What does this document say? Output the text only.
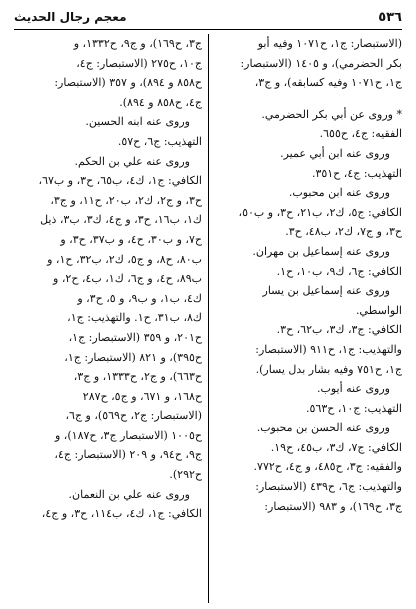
٥٣٦
معجم رجال الحديث
(الاستبصار: ج١، ح١٠٧١ وفيه أبو
بكر الحضرمي)، و ١٤٠٥ (الاستبصار:
ج١، ح١٠٧١ وفيه كسابقه)، و ج٣،
* وروى عن أبي بكر الحضرمي.
الفقيه: ج٤، ح٦٥٥.
وروى عنه ابن أبي عمير.
التهذيب: ج٤، ح٣٥١.
وروى عنه ابن محبوب.
الكافي: ج٥، ك٢، ب٢١، ح٣، و ب٥٠،
ح٣، و ج٧، ك٢، ب٤٨، ح٣.
وروى عنه إسماعيل بن مهران.
الكافي: ج٦، ك٩، ب١٠، ح١.
وروى عنه إسماعيل بن يسار
الواسطي.
الكافي: ج٣، ك٣، ب٦٢، ح٣.
والتهذيب: ج١، ح٩١١ (الاستبصار:
ج١، ح٧٥١ وفيه بشار بدل يسار).
وروى عنه أيوب.
التهذيب: ج١٠، ح٥٦٣.
وروى عنه الحسن بن محبوب.
الكافي: ج٧، ك٣، ب٤٥، ح١٩.
والفقيه: ج٣، ح٤٨٥، و ج٤، ح٧٧٢.
والتهذيب: ج٦، ح٤٣٩ (الاستبصار:
ج٣، ح١٦٩)، و ٩٨٣ (الاستبصار:
ج٣، ح١٦٩)، و ج٩، ح١٣٣٢، و
ج١٠، ح٢٧٥ (الاستبصار: ج٤،
ح٨٥٨ و ٨٩٤)، و ٣٥٧ (الاستبصار:
ج٤، ح٨٥٨ و ٨٩٤).
وروى عنه ابنه الحسين.
التهذيب: ج٦، ح٥٧.
وروى عنه علي بن الحكم.
الكافي: ج١، ك٤، ب٦٥، ح٣، و ب٦٧،
ح٣، و ج٢، ك٢، ب٢٠، ح١١، و ج٣،
ك١، ب١٦، ح٣، و ج٤، ك٣، ب٣، ذيل
ح٧، و ب٣٠، ح٤، و ب٣٧، ح٣، و
ب٨٠، ح٨، و ج٥، ك٢، ب٣٢، ح١، و
ب٨٩، ح٤، و ج٦، ك١، ب٤، ح٢، و
ك٤، ب١، و ب٩، و ٥، ح٣، و
ك٨، ب٣١، ح١. والتهذيب: ج١،
ح٢٠١، و ٣٥٩ (الاستبصار: ج١،
ح٣٩٥)، و ٨٢١ (الاستبصار: ج١،
ح٦٦٣)، و ج٢، ح١٣٣٣، و ج٣،
ح١٦٨، و ٦٧١، و ج٥، ح٢٨٧
(الاستبصار: ج٢، ح٥٦٩)، و ج٦،
ح١٠٠٥ (الاستبصار ج٣، ح١٨٧)، و
ج٩، ح٩٤، و ٢٠٩ (الاستبصار: ج٤،
ح٢٩٢).
وروى عنه علي بن النعمان.
الكافي: ج١، ك٤، ب١١٤، ح٣، و ج٤،
